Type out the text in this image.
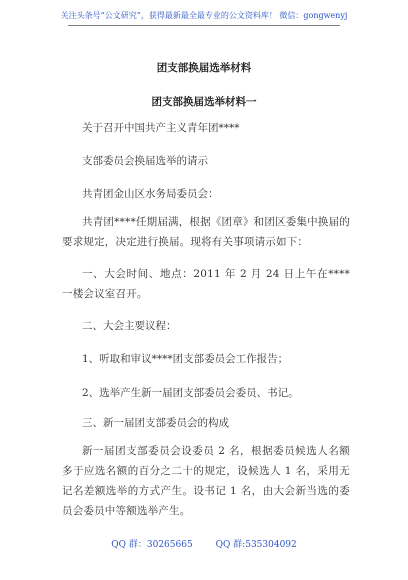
关注头条号“公文研究”，获得最新最全最专业的公文资料库！ 微信：gongwenyj
团支部换届选举材料
团支部换届选举材料一
关于召开中国共产主义青年团****
支部委员会换届选举的请示
共青团金山区水务局委员会：
共青团****任期届满，根据《团章》和团区委集中换届的要求规定，决定进行换届。现将有关事项请示如下：
一、大会时间、地点：2011 年 2 月 24 日上午在****一楼会议室召开。
二、大会主要议程：
1、听取和审议****团支部委员会工作报告；
2、选举产生新一届团支部委员会委员、书记。
三、新一届团支部委员会的构成
新一届团支部委员会设委员 2 名，根据委员候选人名额多于应选名额的百分之二十的规定，设候选人 1 名，采用无记名差额选举的方式产生。设书记 1 名，由大会新当选的委员会委员中等额选举产生。
QQ 群：30265665	QQ 群:535304092
